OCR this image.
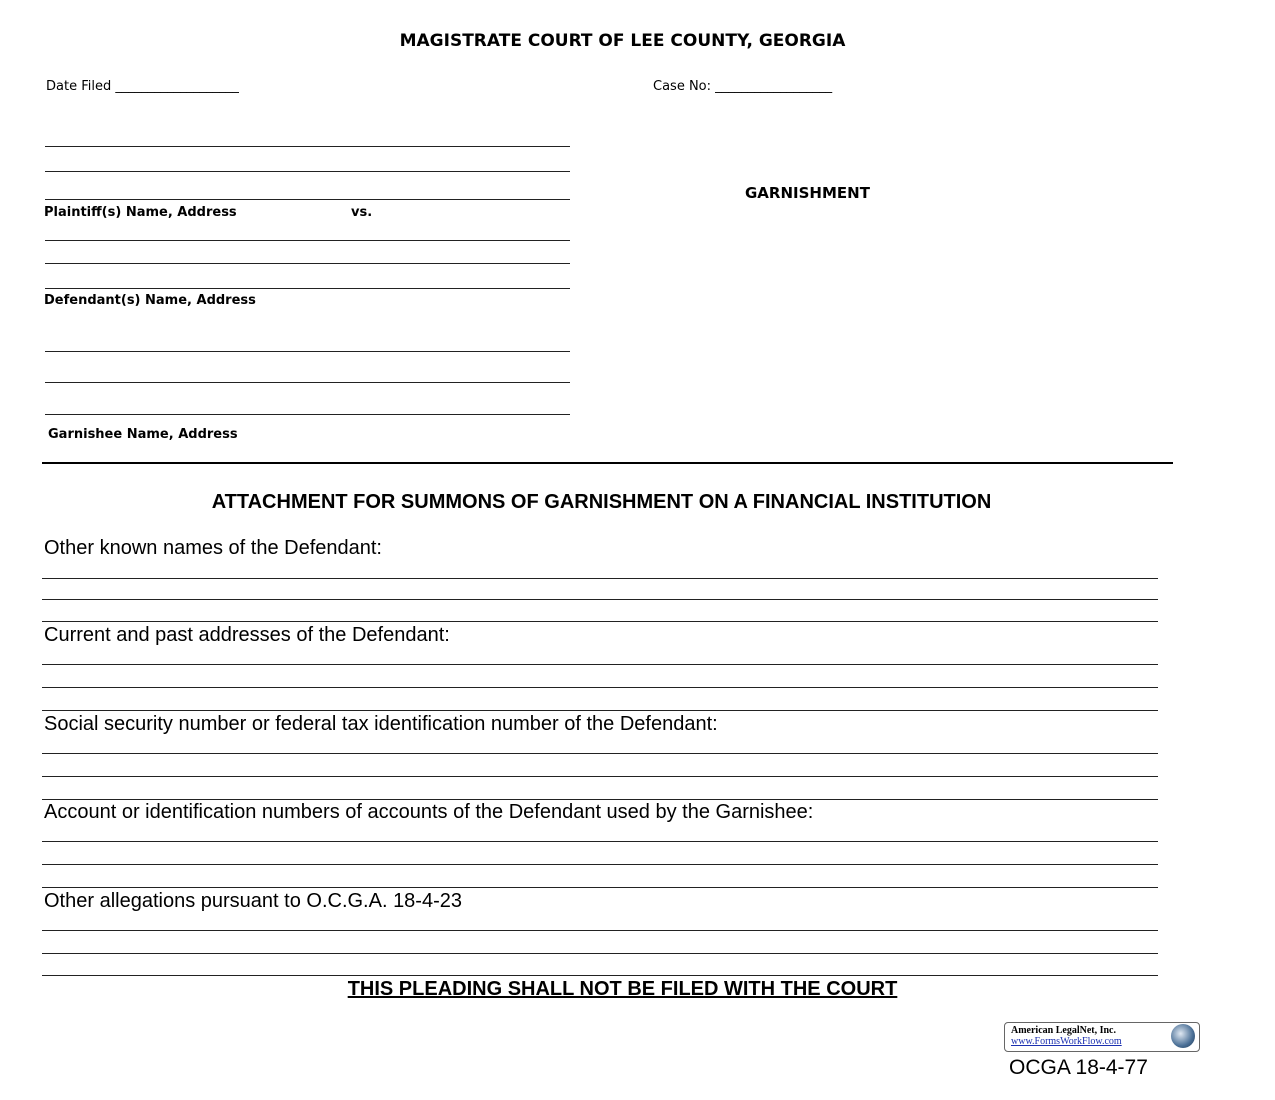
MAGISTRATE COURT OF LEE COUNTY, GEORGIA
Date Filed ___________________	Case No: __________________
GARNISHMENT
Plaintiff(s) Name, Address	vs.
Defendant(s) Name, Address
Garnishee Name, Address
ATTACHMENT FOR SUMMONS OF GARNISHMENT ON A FINANCIAL INSTITUTION
Other known names of the Defendant:
Current and past addresses of the Defendant:
Social security number or federal tax identification number of the Defendant:
Account or identification numbers of accounts of the Defendant used by the Garnishee:
Other allegations pursuant to O.C.G.A. 18-4-23
THIS PLEADING SHALL NOT BE FILED WITH THE COURT
American LegalNet, Inc.
www.FormsWorkFlow.com
OCGA 18-4-77
